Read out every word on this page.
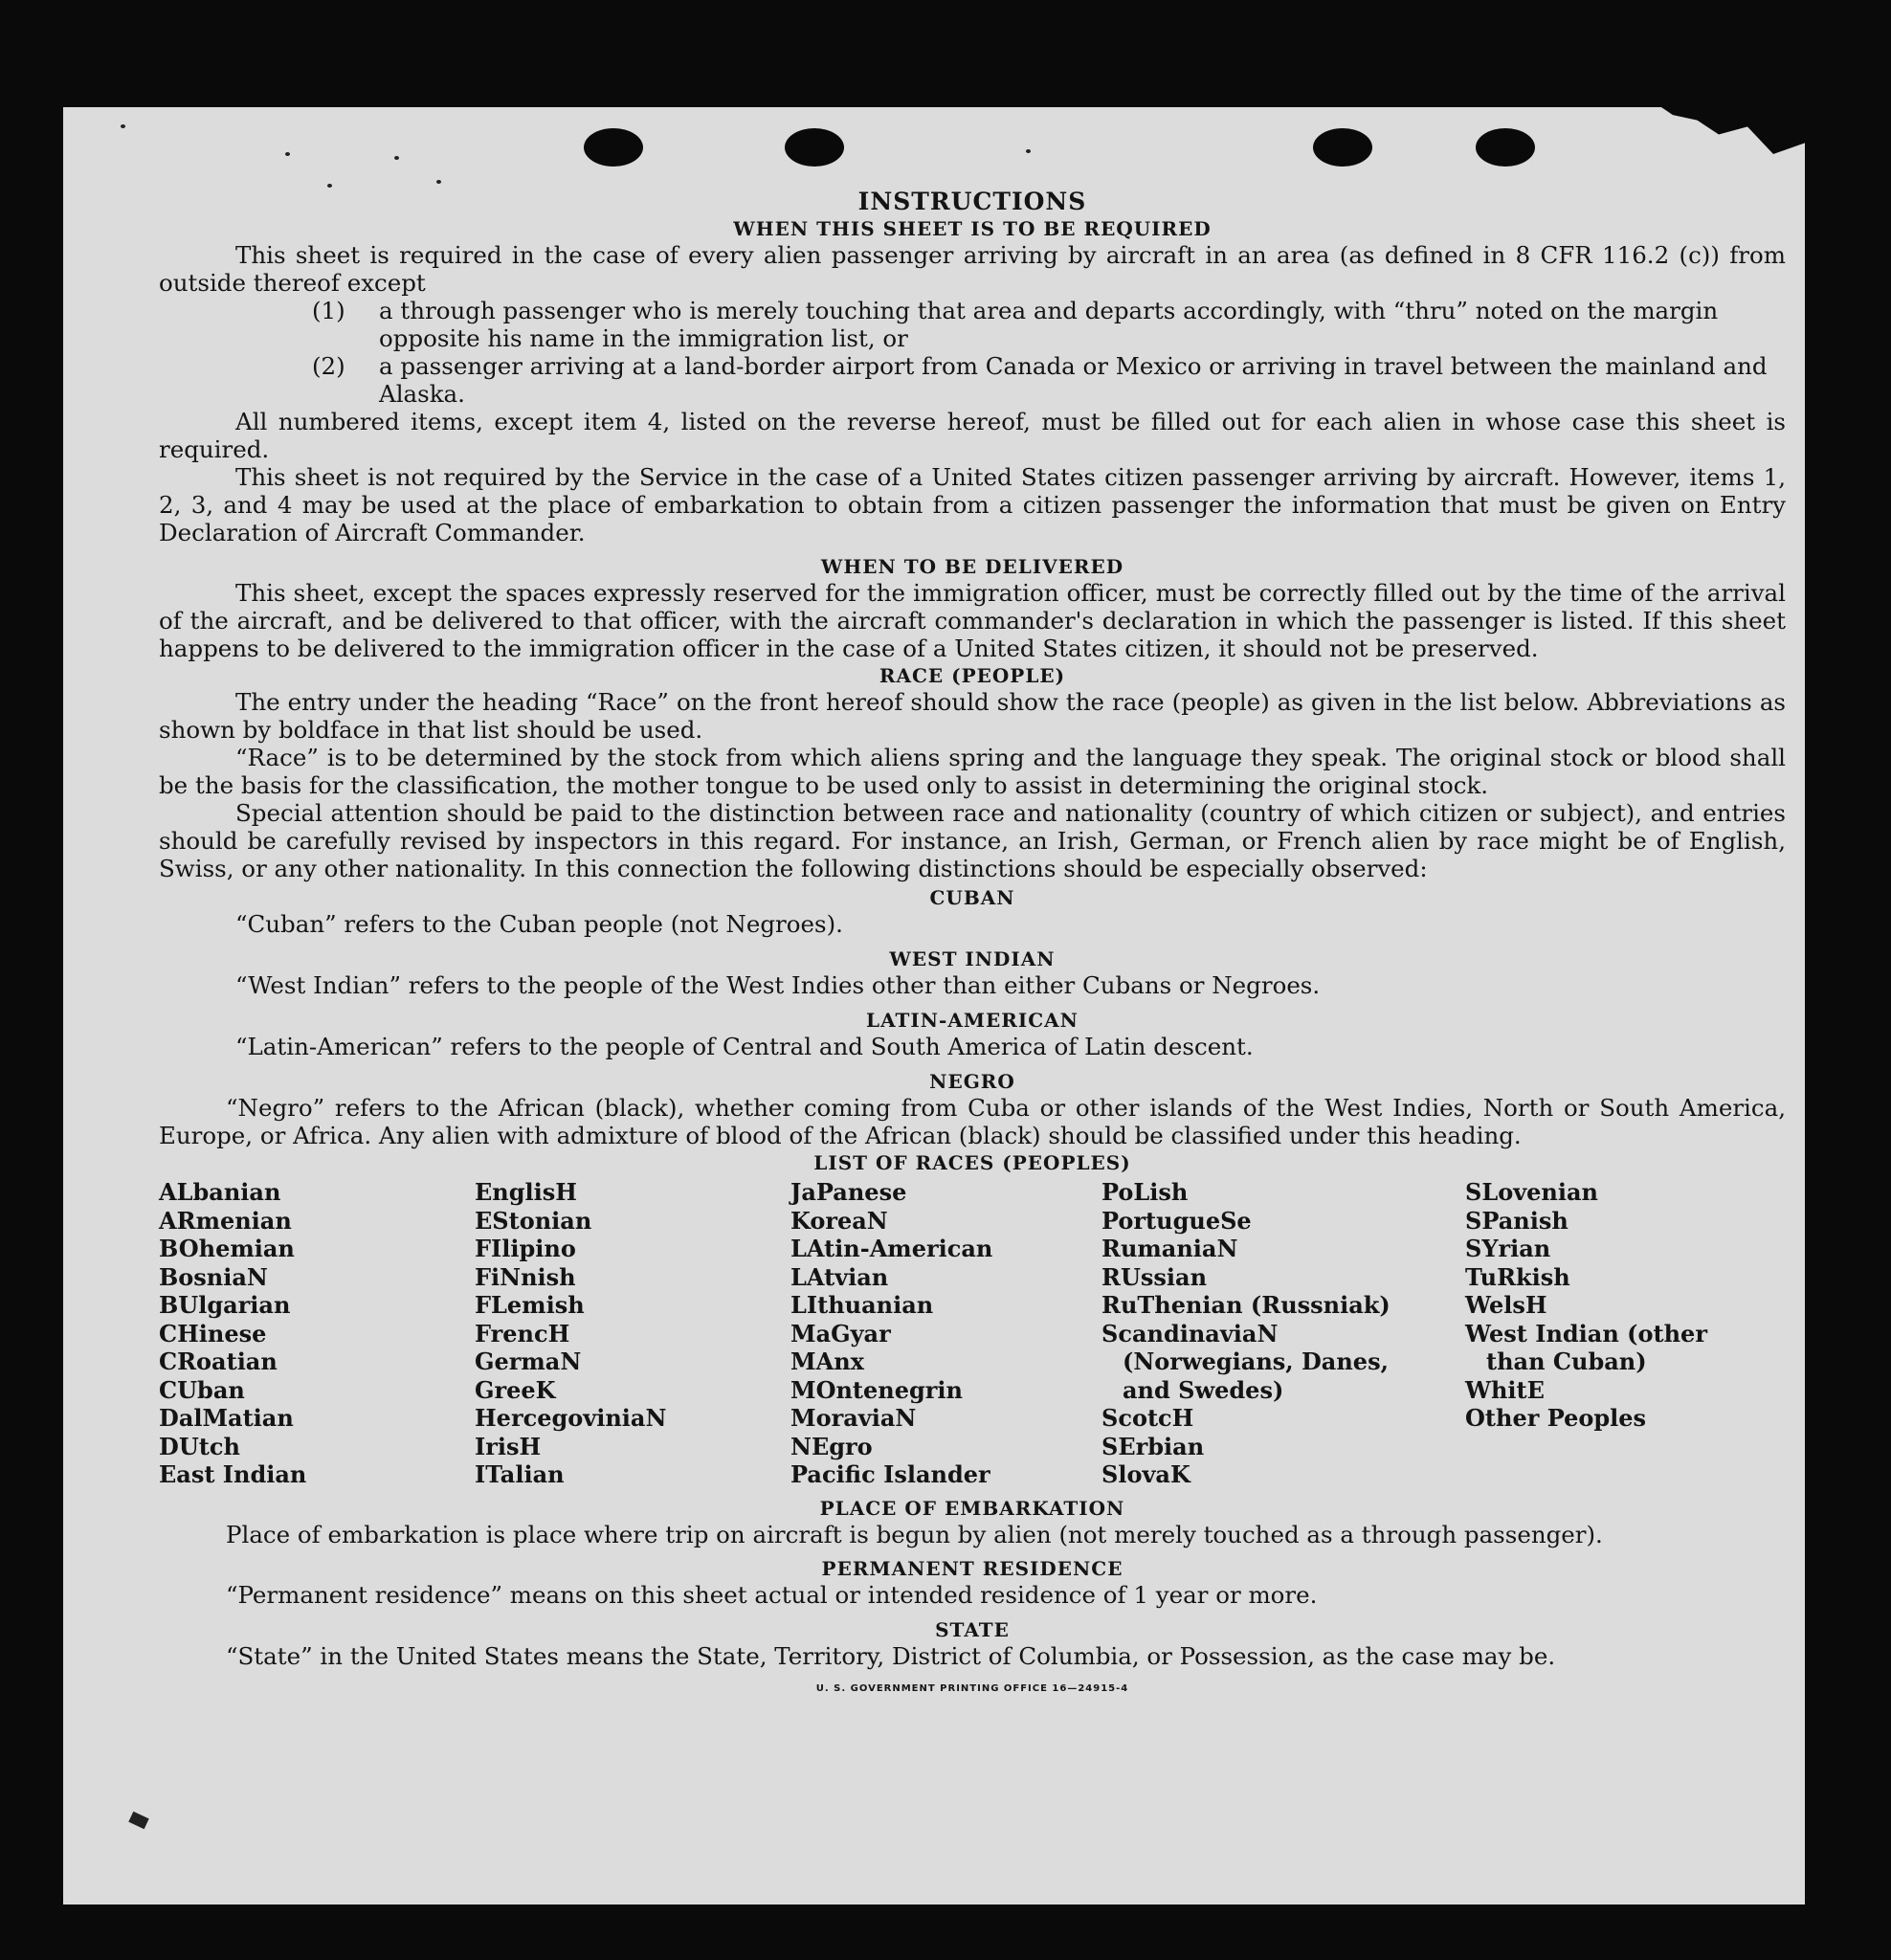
INSTRUCTIONS
WHEN THIS SHEET IS TO BE REQUIRED

This sheet is required in the case of every alien passenger arriving by aircraft in an area (as defined in 8 CFR 116.2 (c)) from outside thereof except

(1) a through passenger who is merely touching that area and departs accordingly, with “thru” noted on the margin opposite his name in the immigration list, or

(2) a passenger arriving at a land-border airport from Canada or Mexico or arriving in travel between the mainland and Alaska.

All numbered items, except item 4, listed on the reverse hereof, must be filled out for each alien in whose case this sheet is required.

This sheet is not required by the Service in the case of a United States citizen passenger arriving by aircraft. However, items 1, 2, 3, and 4 may be used at the place of embarkation to obtain from a citizen passenger the information that must be given on Entry Declaration of Aircraft Commander.

WHEN TO BE DELIVERED

This sheet, except the spaces expressly reserved for the immigration officer, must be correctly filled out by the time of the arrival of the aircraft, and be delivered to that officer, with the aircraft commander's declaration in which the passenger is listed. If this sheet happens to be delivered to the immigration officer in the case of a United States citizen, it should not be preserved.

RACE (PEOPLE)

The entry under the heading “Race” on the front hereof should show the race (people) as given in the list below. Abbreviations as shown by boldface in that list should be used.

“Race” is to be determined by the stock from which aliens spring and the language they speak. The original stock or blood shall be the basis for the classification, the mother tongue to be used only to assist in determining the original stock.

Special attention should be paid to the distinction between race and nationality (country of which citizen or subject), and entries should be carefully revised by inspectors in this regard. For instance, an Irish, German, or French alien by race might be of English, Swiss, or any other nationality. In this connection the following distinctions should be especially observed:

CUBAN

“Cuban” refers to the Cuban people (not Negroes).

WEST INDIAN

“West Indian” refers to the people of the West Indies other than either Cubans or Negroes.

LATIN-AMERICAN

“Latin-American” refers to the people of Central and South America of Latin descent.

NEGRO

“Negro” refers to the African (black), whether coming from Cuba or other islands of the West Indies, North or South America, Europe, or Africa. Any alien with admixture of blood of the African (black) should be classified under this heading.

LIST OF RACES (PEOPLES)
ALbanian
ARmenian
BOhemian
BosniaN
BUlgarian
CHinese
CRoatian
CUban
DalMatian
DUtch
East Indian
EnglisH
EStonian
FIlipino
FiNnish
FLemish
FrencH
GermaN
GreeK
HercegoviniaN
IrisH
ITalian
JaPanese
KoreaN
LAtin-American
LAtvian
LIthuanian
MaGyar
MAnx
MOntenegrin
MoraviaN
NEgro
Pacific Islander
PoLish
PortugueSe
RumaniaN
RUssian
RuThenian (Russniak)
ScandinaviaN (Norwegians, Danes, and Swedes)
ScotcH
SErbian
SlovaK
SLovenian
SPanish
SYrian
TuRkish
WelsH
West Indian (other than Cuban)
WhitE
Other Peoples
PLACE OF EMBARKATION

Place of embarkation is place where trip on aircraft is begun by alien (not merely touched as a through passenger).

PERMANENT RESIDENCE

“Permanent residence” means on this sheet actual or intended residence of 1 year or more.

STATE

“State” in the United States means the State, Territory, District of Columbia, or Possession, as the case may be.

U. S. GOVERNMENT PRINTING OFFICE 16—24915-4
